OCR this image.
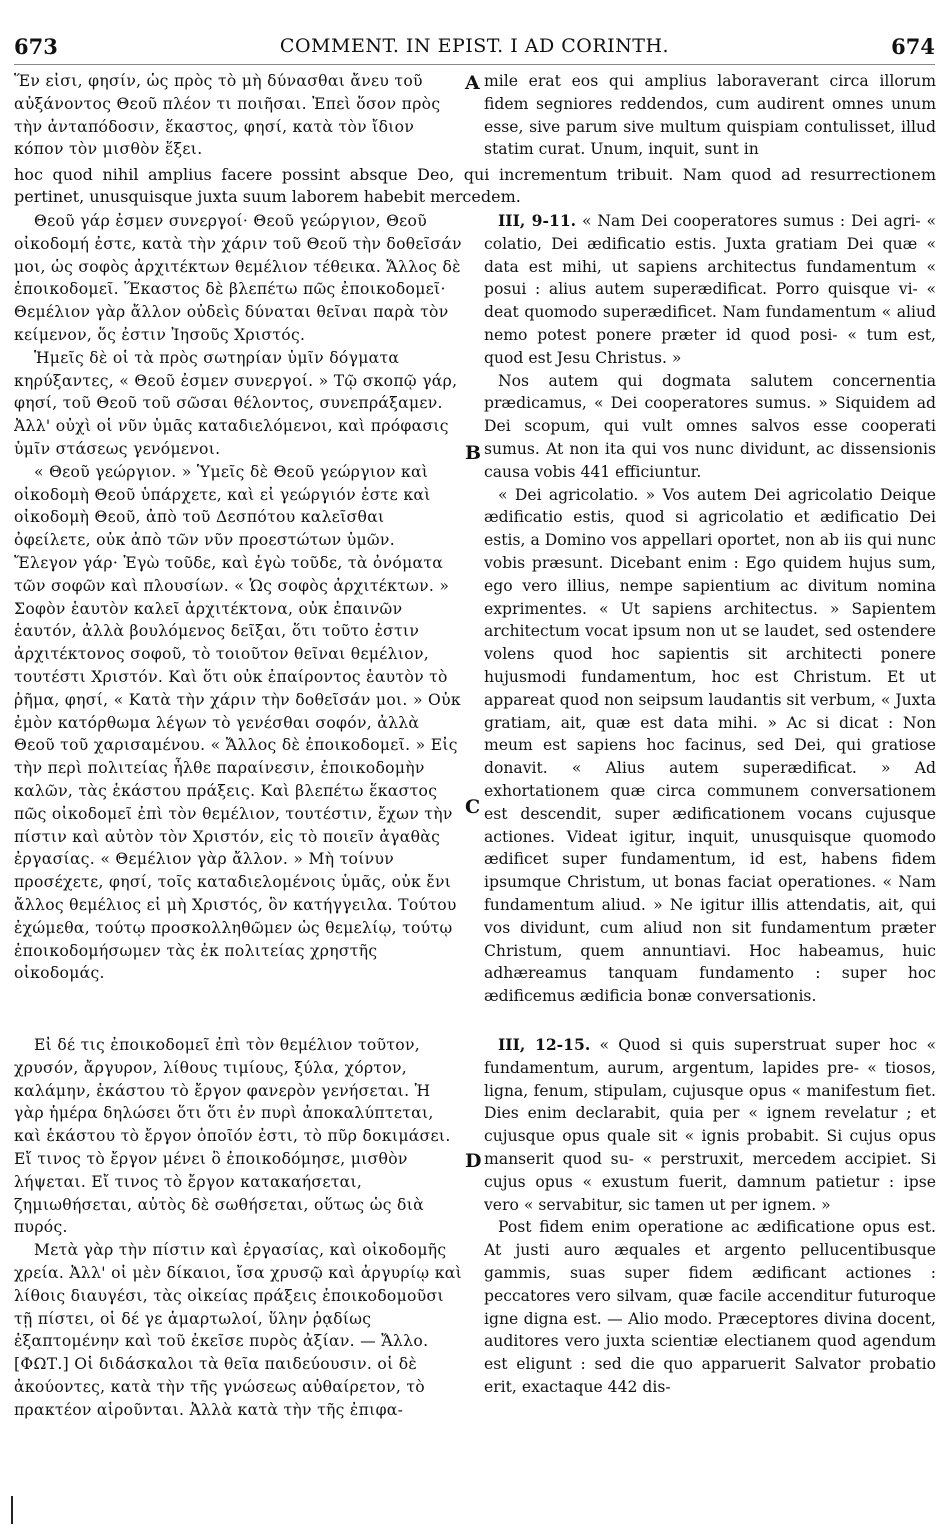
673	COMMENT. IN EPIST. I AD CORINTH.	674

Ἕν εἰσι, φησίν, ὡς πρὸς τὸ μὴ δύνασθαι ἄνευ τοῦ αὐξάνοντος Θεοῦ πλέον τι ποιῆσαι. Ἐπεὶ ὅσον πρὸς τὴν ἀνταπόδοσιν, ἕκαστος, φησί, κατὰ τὸν ἴδιον κόπον τὸν μισθὸν ἕξει.

mile erat eos qui amplius laboraverant circa illorum fidem segniores reddendos, cum audirent omnes unum esse, sive parum sive multum quispiam contulisset, illud statim curat. Unum, inquit, sunt in

hoc quod nihil amplius facere possint absque Deo, qui incrementum tribuit. Nam quod ad resurrectionem pertinet, unusquisque juxta suum laborem habebit mercedem.

Θεοῦ γάρ ἐσμεν συνεργοί· Θεοῦ γεώργιον, Θεοῦ οἰκοδομή ἐστε, κατὰ τὴν χάριν τοῦ Θεοῦ τὴν δοθεῖσάν μοι, ὡς σοφὸς ἀρχιτέκτων θεμέλιον τέθεικα. Ἄλλος δὲ ἐποικοδομεῖ. Ἕκαστος δὲ βλεπέτω πῶς ἐποικοδομεῖ· Θεμέλιον γὰρ ἄλλον οὐδεὶς δύναται θεῖναι παρὰ τὸν κείμενον, ὅς ἐστιν Ἰησοῦς Χριστός.

Ἡμεῖς δὲ οἱ τὰ πρὸς σωτηρίαν ὑμῖν δόγματα κηρύξαντες, « Θεοῦ ἐσμεν συνεργοί. » Τῷ σκοπῷ γάρ, φησί, τοῦ Θεοῦ τοῦ σῶσαι θέλοντος, συνεπράξαμεν. Ἀλλ' οὐχὶ οἱ νῦν ὑμᾶς καταδιελόμενοι, καὶ πρόφασις ὑμῖν στάσεως γενόμενοι.

« Θεοῦ γεώργιον. » Ὑμεῖς δὲ Θεοῦ γεώργιον καὶ οἰκοδομὴ Θεοῦ ὑπάρχετε, καὶ εἰ γεώργιόν ἐστε καὶ οἰκοδομὴ Θεοῦ, ἀπὸ τοῦ Δεσπότου καλεῖσθαι ὀφείλετε, οὐκ ἀπὸ τῶν νῦν προεστώτων ὑμῶν. Ἔλεγον γάρ· Ἐγὼ τοῦδε, καὶ ἐγὼ τοῦδε, τὰ ὀνόματα τῶν σοφῶν καὶ πλουσίων. « Ὡς σοφὸς ἀρχιτέκτων. » Σοφὸν ἑαυτὸν καλεῖ ἀρχιτέκτονα, οὐκ ἐπαινῶν ἑαυτόν, ἀλλὰ βουλόμενος δεῖξαι, ὅτι τοῦτο ἐστιν ἀρχιτέκτονος σοφοῦ, τὸ τοιοῦτον θεῖναι θεμέλιον, τουτέστι Χριστόν. Καὶ ὅτι οὐκ ἐπαίροντος ἑαυτὸν τὸ ῥῆμα, φησί, « Κατὰ τὴν χάριν τὴν δοθεῖσάν μοι. » Οὐκ ἐμὸν κατόρθωμα λέγων τὸ γενέσθαι σοφόν, ἀλλὰ Θεοῦ τοῦ χαρισαμένου. « Ἄλλος δὲ ἐποικοδομεῖ. » Εἰς τὴν περὶ πολιτείας ἦλθε παραίνεσιν, ἐποικοδομὴν καλῶν, τὰς ἑκάστου πράξεις. Καὶ βλεπέτω ἕκαστος πῶς οἰκοδομεῖ ἐπὶ τὸν θεμέλιον, τουτέστιν, ἔχων τὴν πίστιν καὶ αὐτὸν τὸν Χριστόν, εἰς τὸ ποιεῖν ἀγαθὰς ἐργασίας. « Θεμέλιον γὰρ ἄλλον. » Μὴ τοίνυν προσέχετε, φησί, τοῖς καταδιελομένοις ὑμᾶς, οὐκ ἔνι ἄλλος θεμέλιος εἰ μὴ Χριστός, ὃν κατήγγειλα. Τούτου ἐχώμεθα, τούτῳ προσκολληθῶμεν ὡς θεμελίῳ, τούτῳ ἐποικοδομήσωμεν τὰς ἐκ πολιτείας χρηστῆς οἰκοδομάς.

III, 9-11. « Nam Dei cooperatores sumus : Dei agri- « colatio, Dei ædificatio estis. Juxta gratiam Dei quæ « data est mihi, ut sapiens architectus fundamentum « posui : alius autem superædificat. Porro quisque vi- « deat quomodo superædificet. Nam fundamentum « aliud nemo potest ponere præter id quod posi- « tum est, quod est Jesu Christus. »

Nos autem qui dogmata salutem concernentia prædicamus, « Dei cooperatores sumus. » Siquidem ad Dei scopum, qui vult omnes salvos esse cooperati sumus. At non ita qui vos nunc dividunt, ac dissensionis causa vobis 441 efficiuntur.

« Dei agricolatio. » Vos autem Dei agricolatio Deique ædificatio estis, quod si agricolatio et ædificatio Dei estis, a Domino vos appellari oportet, non ab iis qui nunc vobis præsunt. Dicebant enim : Ego quidem hujus sum, ego vero illius, nempe sapientium ac divitum nomina exprimentes. « Ut sapiens architectus. » Sapientem architectum vocat ipsum non ut se laudet, sed ostendere volens quod hoc sapientis sit architecti ponere hujusmodi fundamentum, hoc est Christum. Et ut appareat quod non seipsum laudantis sit verbum, « Juxta gratiam, ait, quæ est data mihi. » Ac si dicat : Non meum est sapiens hoc facinus, sed Dei, qui gratiose donavit. « Alius autem superædificat. » Ad exhortationem quæ circa communem conversationem est descendit, super ædificationem vocans cujusque actiones. Videat igitur, inquit, unusquisque quomodo ædificet super fundamentum, id est, habens fidem ipsumque Christum, ut bonas faciat operationes. « Nam fundamentum aliud. » Ne igitur illis attendatis, ait, qui vos dividunt, cum aliud non sit fundamentum præter Christum, quem annuntiavi. Hoc habeamus, huic adhæreamus tanquam fundamento : super hoc ædificemus ædificia bonæ conversationis.

Εἰ δέ τις ἐποικοδομεῖ ἐπὶ τὸν θεμέλιον τοῦτον, χρυσόν, ἄργυρον, λίθους τιμίους, ξύλα, χόρτον, καλάμην, ἑκάστου τὸ ἔργον φανερὸν γενήσεται. Ἡ γὰρ ἡμέρα δηλώσει ὅτι ὅτι ἐν πυρὶ ἀποκαλύπτεται, καὶ ἑκάστου τὸ ἔργον ὁποῖόν ἐστι, τὸ πῦρ δοκιμάσει. Εἴ τινος τὸ ἔργον μένει ὃ ἐποικοδόμησε, μισθὸν λήψεται. Εἴ τινος τὸ ἔργον κατακαήσεται, ζημιωθήσεται, αὐτὸς δὲ σωθήσεται, οὕτως ὡς διὰ πυρός.

Μετὰ γὰρ τὴν πίστιν καὶ ἐργασίας, καὶ οἰκοδομῆς χρεία. Ἀλλ' οἱ μὲν δίκαιοι, ἴσα χρυσῷ καὶ ἀργυρίῳ καὶ λίθοις διαυγέσι, τὰς οἰκείας πράξεις ἐποικοδομοῦσι τῇ πίστει, οἱ δέ γε ἁμαρτωλοί, ὕλην ῥᾳδίως ἐξαπτομένην καὶ τοῦ ἐκεῖσε πυρὸς ἀξίαν. — Ἄλλο. [ΦΩΤ.] Οἱ διδάσκαλοι τὰ θεῖα παιδεύουσιν. οἱ δὲ ἀκούοντες, κατὰ τὴν τῆς γνώσεως αὐθαίρετον, τὸ πρακτέον αἱροῦνται. Ἀλλὰ κατὰ τὴν τῆς ἐπιφα-

III, 12-15. « Quod si quis superstruat super hoc « fundamentum, aurum, argentum, lapides pre- « tiosos, ligna, fenum, stipulam, cujusque opus « manifestum fiet. Dies enim declarabit, quia per « ignem revelatur ; et cujusque opus quale sit « ignis probabit. Si cujus opus manserit quod su- « perstruxit, mercedem accipiet. Si cujus opus « exustum fuerit, damnum patietur : ipse vero « servabitur, sic tamen ut per ignem. »

Post fidem enim operatione ac ædificatione opus est. At justi auro æquales et argento pellucentibusque gammis, suas super fidem ædificant actiones : peccatores vero silvam, quæ facile accenditur futuroque igne digna est. — Alio modo. Præceptores divina docent, auditores vero juxta scientiæ electianem quod agendum est eligunt : sed die quo apparuerit Salvator probatio erit, exactaque 442 dis-

A
B
C
D
